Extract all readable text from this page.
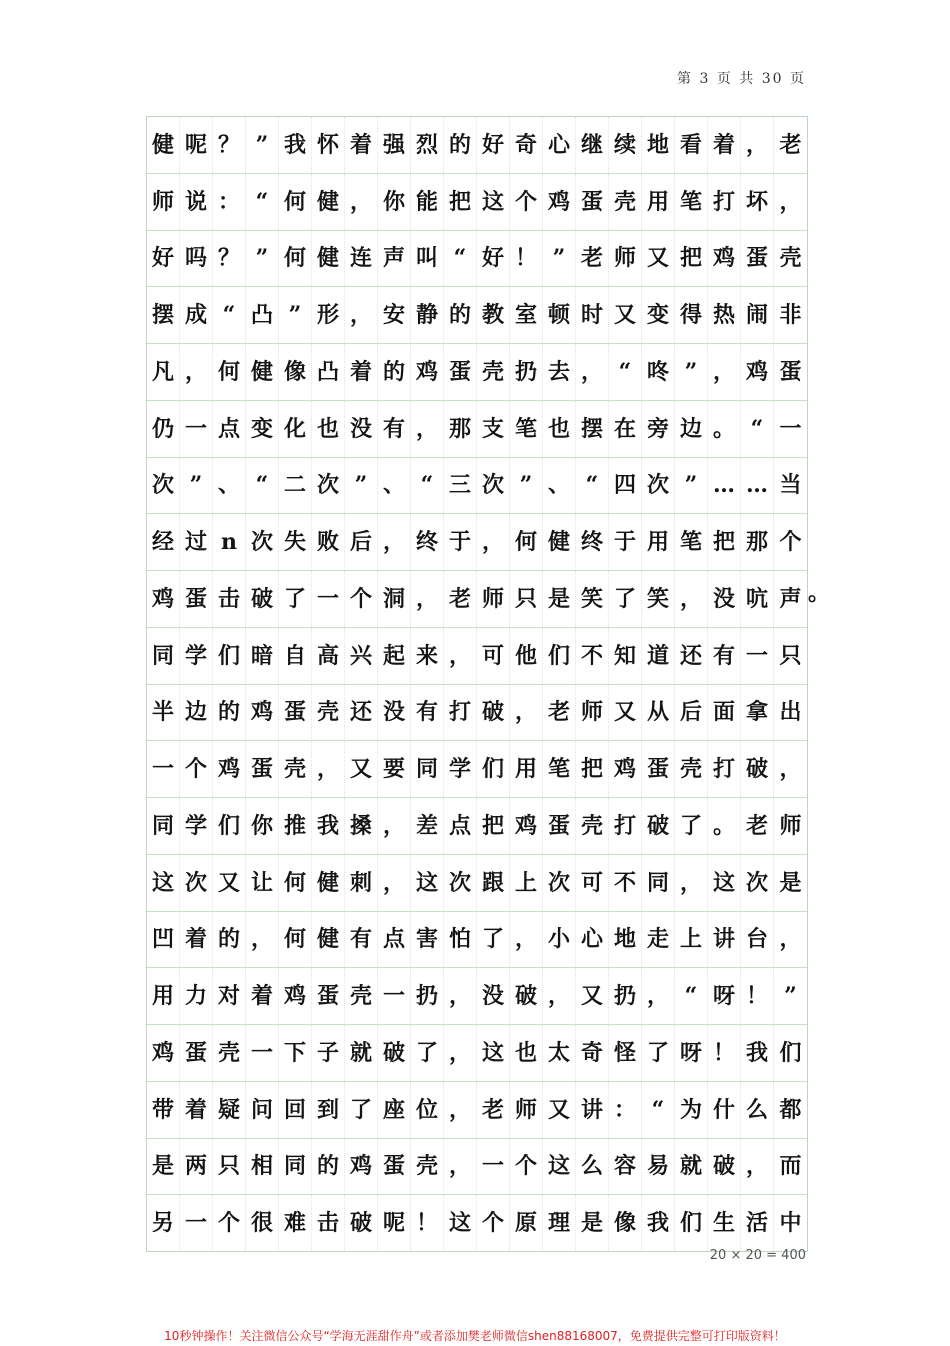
第 3 页 共 30 页
健 呢 ？ ” 我 怀 着 强 烈 的 好 奇 心 继 续 地 看 着 ， 老
师 说 ： “ 何 健 ， 你 能 把 这 个 鸡 蛋 壳 用 笔 打 坏 ，
好 吗 ？ ” 何 健 连 声 叫 “ 好 ！ ” 老 师 又 把 鸡 蛋 壳
摆 成 “ 凸 ” 形 ， 安 静 的 教 室 顿 时 又 变 得 热 闹 非
凡 ， 何 健 像 凸 着 的 鸡 蛋 壳 扔 去 ， “ 咚 ” ， 鸡 蛋
仍 一 点 变 化 也 没 有 ， 那 支 笔 也 摆 在 旁 边 。 “ 一
次 ” 、 “ 二 次 ” 、 “ 三 次 ” 、 “ 四 次 ” … … 当
经 过 n 次 失 败 后 ， 终 于 ， 何 健 终 于 用 笔 把 那 个
鸡 蛋 击 破 了 一 个 洞 ， 老 师 只 是 笑 了 笑 ， 没 吭 声
同 学 们 暗 自 高 兴 起 来 ， 可 他 们 不 知 道 还 有 一 只
半 边 的 鸡 蛋 壳 还 没 有 打 破 ， 老 师 又 从 后 面 拿 出
一 个 鸡 蛋 壳 ， 又 要 同 学 们 用 笔 把 鸡 蛋 壳 打 破 ，
同 学 们 你 推 我 搡 ， 差 点 把 鸡 蛋 壳 打 破 了 。 老 师
这 次 又 让 何 健 刺 ， 这 次 跟 上 次 可 不 同 ， 这 次 是
凹 着 的 ， 何 健 有 点 害 怕 了 ， 小 心 地 走 上 讲 台 ，
用 力 对 着 鸡 蛋 壳 一 扔 ， 没 破 ， 又 扔 ， “ 呀 ！ ”
鸡 蛋 壳 一 下 子 就 破 了 ， 这 也 太 奇 怪 了 呀 ！ 我 们
带 着 疑 问 回 到 了 座 位 ， 老 师 又 讲 ： “ 为 什 么 都
是 两 只 相 同 的 鸡 蛋 壳 ， 一 个 这 么 容 易 就 破 ， 而
另 一 个 很 难 击 破 呢 ！ 这 个 原 理 是 像 我 们 生 活 中
。
20 × 20 = 400
10秒钟操作！关注微信公众号“学海无涯甜作舟”或者添加樊老师微信shen88168007，免费提供完整可打印版资料！
